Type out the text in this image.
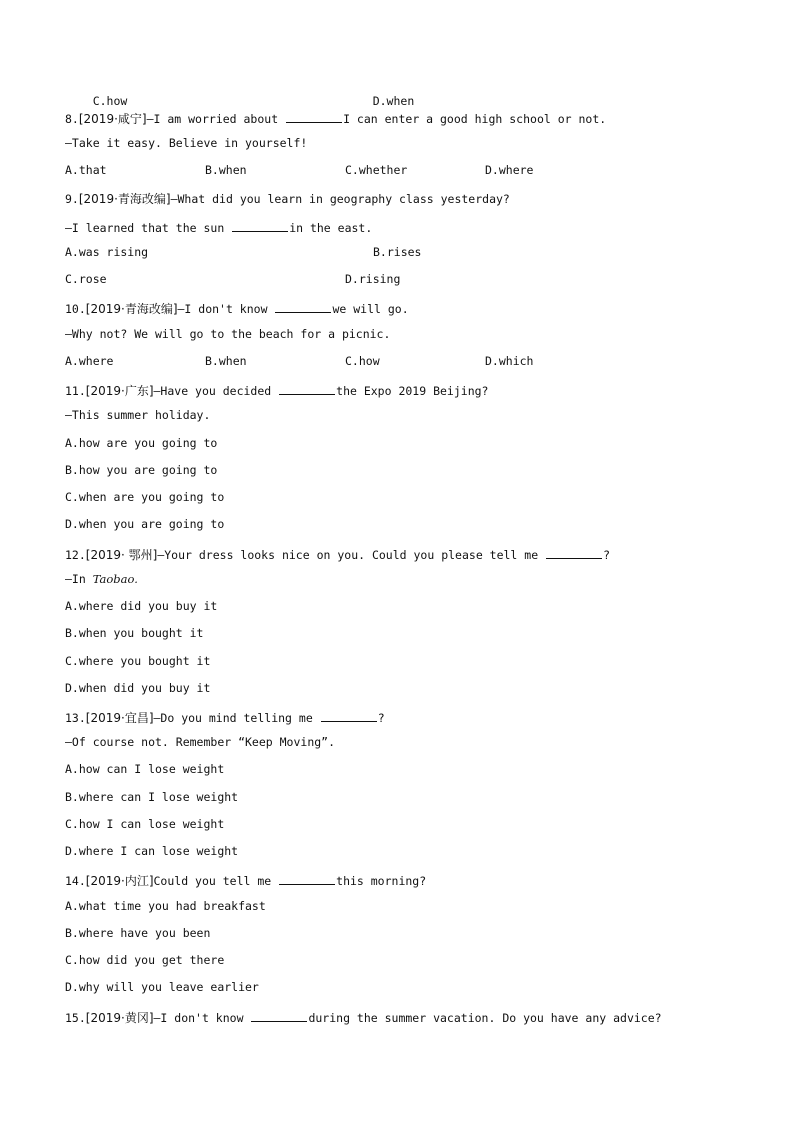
C.how	D.when

8.[2019·咸宁]—I am worried about	I can enter a good high school or not.
—Take it easy. Believe in yourself!
A.that	B.when	C.whether	D.where
9.[2019·青海改编]—What did you learn in geography class yesterday?
—I learned that the sun	in the east.
A.was rising	B.rises
C.rose	D.rising
10.[2019·青海改编]—I don't know	we will go.
—Why not? We will go to the beach for a picnic.
A.where	B.when	C.how	D.which
11.[2019·广东]—Have you decided	the Expo 2019 Beijing?
—This summer holiday.
A.how are you going to
B.how you are going to
C.when are you going to
D.when you are going to
12.[2019· 鄂州]—Your dress looks nice on you. Could you please tell me	?
—In Taobao.
A.where did you buy it
B.when you bought it
C.where you bought it
D.when did you buy it
13.[2019·宜昌]—Do you mind telling me	?
—Of course not. Remember “Keep Moving”.
A.how can I lose weight
B.where can I lose weight
C.how I can lose weight
D.where I can lose weight
14.[2019·内江]Could you tell me	this morning?
A.what time you had breakfast
B.where have you been
C.how did you get there
D.why will you leave earlier
15.[2019·黄冈]—I don't know	during the summer vacation. Do you have any advice?
